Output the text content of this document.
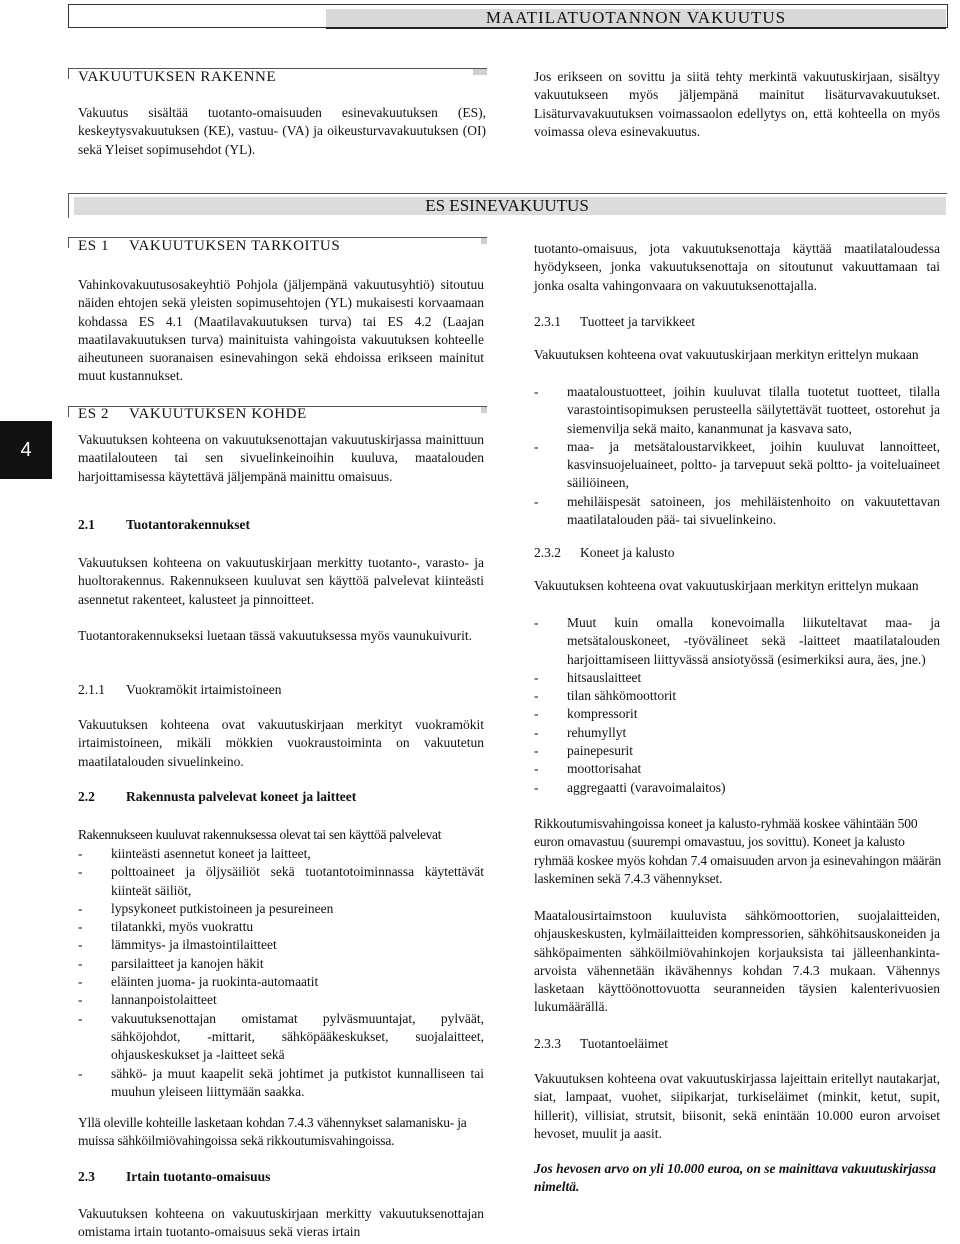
MAATILATUOTANNON VAKUUTUS
VAKUUTUKSEN RAKENNE

Vakuutus sisältää tuotanto-omaisuuden esinevakuutuksen (ES), keskeytysvakuutuksen (KE), vastuu- (VA) ja oikeusturvavakuutuksen (OI) sekä Yleiset sopimusehdot (YL).

Jos erikseen on sovittu ja siitä tehty merkintä vakuutuskirjaan, sisältyy vakuutukseen myös jäljempänä mainitut lisäturvavakuutukset. Lisäturvavakuutuksen voimassaolon edellytys on, että kohteella on myös voimassa oleva esinevakuutus.

ES ESINEVAKUUTUS
4
ES 1 VAKUUTUKSEN TARKOITUS

Vahinkovakuutusosakeyhtiö Pohjola (jäljempänä vakuutusyhtiö) sitoutuu näiden ehtojen sekä yleisten sopimusehtojen (YL) mukaisesti korvaamaan kohdassa ES 4.1 (Maatilavakuutuksen turva) tai ES 4.2 (Laajan maatilavakuutuksen turva) mainituista vahingoista vakuutuksen kohteelle aiheutuneen suoranaisen esinevahingon sekä ehdoissa erikseen mainitut muut kustannukset.

ES 2 VAKUUTUKSEN KOHDE

Vakuutuksen kohteena on vakuutuksenottajan vakuutuskirjassa mainittuun maatilalouteen tai sen sivuelinkeinoihin kuuluva, maatalouden harjoittamisessa käytettävä jäljempänä mainittu omaisuus.

2.1 Tuotantorakennukset

Vakuutuksen kohteena on vakuutuskirjaan merkitty tuotanto-, varasto- ja huoltorakennus. Rakennukseen kuuluvat sen käyttöä palvelevat kiinteästi asennetut rakenteet, kalusteet ja pinnoitteet.

Tuotantorakennukseksi luetaan tässä vakuutuksessa myös vaunukuivurit.

2.1.1 Vuokramökit irtaimistoineen

Vakuutuksen kohteena ovat vakuutuskirjaan merkityt vuokramökit irtaimistoineen, mikäli mökkien vuokraustoiminta on vakuutetun maatilatalouden sivuelinkeino.

2.2 Rakennusta palvelevat koneet ja laitteet

Rakennukseen kuuluvat rakennuksessa olevat tai sen käyttöä palvelevat

- kiinteästi asennetut koneet ja laitteet,
- polttoaineet ja öljysäiliöt sekä tuotantotoiminnassa käytettävät kiinteät säiliöt,
- lypsykoneet putkistoineen ja pesureineen
- tilatankki, myös vuokrattu
- lämmitys- ja ilmastointilaitteet
- parsilaitteet ja kanojen häkit
- eläinten juoma- ja ruokinta-automaatit
- lannanpoistolaitteet
- vakuutuksenottajan omistamat pylväsmuuntajat, pylväät, sähköjohdot, -mittarit, sähköpääkeskukset, suojalaitteet, ohjauskeskukset ja -laitteet sekä
- sähkö- ja muut kaapelit sekä johtimet ja putkistot kunnalliseen tai muuhun yleiseen liittymään saakka.

Yllä oleville kohteille lasketaan kohdan 7.4.3 vähennykset salamanisku- ja muissa sähköilmiövahingoissa sekä rikkoutumisvahingoissa.

2.3 Irtain tuotanto-omaisuus

Vakuutuksen kohteena on vakuutuskirjaan merkitty vakuutuksenottajan omistama irtain tuotanto-omaisuus sekä vieras irtain

tuotanto-omaisuus, jota vakuutuksenottaja käyttää maatilataloudessa hyödykseen, jonka vakuutuksenottaja on sitoutunut vakuuttamaan tai jonka osalta vahingonvaara on vakuutuksenottajalla.

2.3.1 Tuotteet ja tarvikkeet

Vakuutuksen kohteena ovat vakuutuskirjaan merkityn erittelyn mukaan

- maataloustuotteet, joihin kuuluvat tilalla tuotetut tuotteet, tilalla varastointisopimuksen perusteella säilytettävät tuotteet, ostorehut ja siemenvilja sekä maito, kananmunat ja kasvava sato,
- maa- ja metsätaloustarvikkeet, joihin kuuluvat lannoitteet, kasvinsuojeluaineet, poltto- ja tarvepuut sekä poltto- ja voiteluaineet säiliöineen,
- mehiläispesät satoineen, jos mehiläistenhoito on vakuutettavan maatilatalouden pää- tai sivuelinkeino.
2.3.2 Koneet ja kalusto

Vakuutuksen kohteena ovat vakuutuskirjaan merkityn erittelyn mukaan

- Muut kuin omalla konevoimalla liikuteltavat maa- ja metsätalouskoneet, -työvälineet sekä -laitteet maatilatalouden harjoittamiseen liittyvässä ansiotyössä (esimerkiksi aura, äes, jne.)
- hitsauslaitteet
- tilan sähkömoottorit
- kompressorit
- rehumyllyt
- painepesurit
- moottorisahat
- aggregaatti (varavoimalaitos)

Rikkoutumisvahingoissa koneet ja kalusto-ryhmää koskee vähintään 500 euron omavastuu (suurempi omavastuu, jos sovittu). Koneet ja kalusto ryhmää koskee myös kohdan 7.4 omaisuuden arvon ja esinevahingon määrän laskeminen sekä 7.4.3 vähennykset.

Maatalousirtaimstoon kuuluvista sähkömoottorien, suojalaitteiden, ohjauskeskusten, kylmäilaitteiden kompressorien, sähköhitsauskoneiden ja sähköpaimenten sähköilmiövahinkojen korjauksista tai jälleenhankinta-arvoista vähennetään ikävähennys kohdan 7.4.3 mukaan. Vähennys lasketaan käyttöönottovuotta seuranneiden täysien kalenterivuosien lukumäärällä.

2.3.3 Tuotantoeläimet

Vakuutuksen kohteena ovat vakuutuskirjassa lajeittain eritellyt nautakarjat, siat, lampaat, vuohet, siipikarjat, turkiseläimet (minkit, ketut, supit, hillerit), villisiat, strutsit, biisonit, sekä enintään 10.000 euron arvoiset hevoset, muulit ja aasit.

Jos hevosen arvo on yli 10.000 euroa, on se mainittava vakuutuskirjassa nimeltä.
